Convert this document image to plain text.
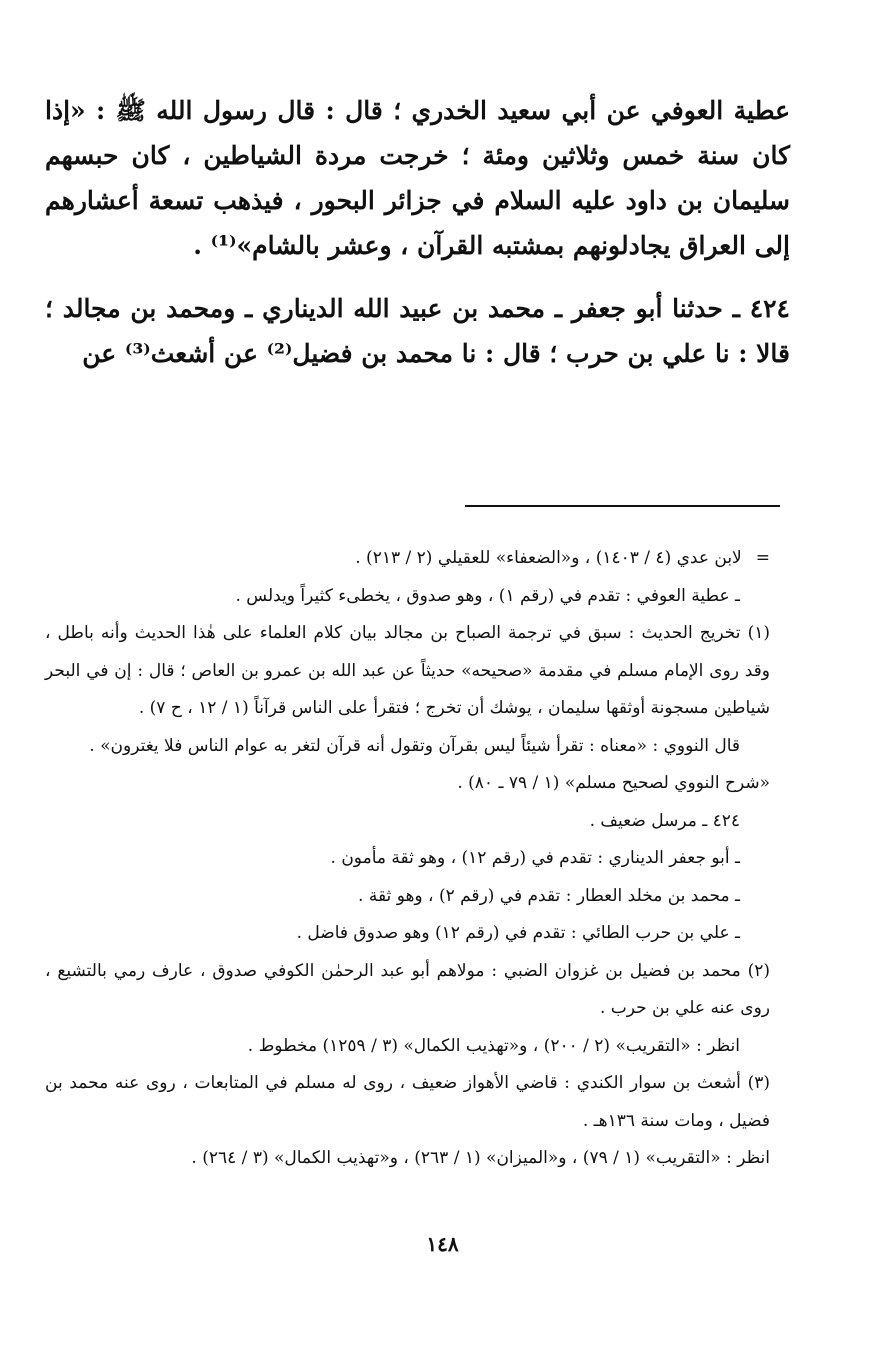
عطية العوفي عن أبي سعيد الخدري ؛ قال : قال رسول الله ﷺ : «إذا كان سنة خمس وثلاثين ومئة ؛ خرجت مردة الشياطين ، كان حبسهم سليمان بن داود عليه السلام في جزائر البحور ، فيذهب تسعة أعشارهم إلى العراق يجادلونهم بمشتبه القرآن ، وعشر بالشام»⁽¹⁾ .

٤٢٤ ـ حدثنا أبو جعفر ـ محمد بن عبيد الله الديناري ـ ومحمد بن مجالد ؛ قالا : نا علي بن حرب ؛ قال : نا محمد بن فضيل⁽²⁾ عن أشعث⁽³⁾ عن

=لابن عدي (٤ / ١٤٠٣) ، و«الضعفاء» للعقيلي (٢ / ٢١٣) .

ـ عطية العوفي : تقدم في (رقم ١) ، وهو صدوق ، يخطىء كثيراً ويدلس .

(١) تخريج الحديث : سبق في ترجمة الصباح بن مجالد بيان كلام العلماء على هٰذا الحديث وأنه باطل ، وقد روى الإمام مسلم في مقدمة «صحيحه» حديثاً عن عبد الله بن عمرو بن العاص ؛ قال : إن في البحر شياطين مسجونة أوثقها سليمان ، يوشك أن تخرج ؛ فتقرأ على الناس قرآناً (١ / ١٢ ، ح ٧) .

قال النووي : «معناه : تقرأ شيئاً ليس بقرآن وتقول أنه قرآن لتغر به عوام الناس فلا يغترون» .

«شرح النووي لصحيح مسلم» (١ / ٧٩ ـ ٨٠) .

٤٢٤ ـ مرسل ضعيف .

ـ أبو جعفر الديناري : تقدم في (رقم ١٢) ، وهو ثقة مأمون .

ـ محمد بن مخلد العطار : تقدم في (رقم ٢) ، وهو ثقة .

ـ علي بن حرب الطائي : تقدم في (رقم ١٢) وهو صدوق فاضل .

(٢) محمد بن فضيل بن غزوان الضبي : مولاهم أبو عبد الرحمٰن الكوفي صدوق ، عارف رمي بالتشيع ، روى عنه علي بن حرب .

انظر : «التقريب» (٢ / ٢٠٠) ، و«تهذيب الكمال» (٣ / ١٢٥٩) مخطوط .

(٣) أشعث بن سوار الكندي : قاضي الأهواز ضعيف ، روى له مسلم في المتابعات ، روى عنه محمد بن فضيل ، ومات سنة ١٣٦هـ .

انظر : «التقريب» (١ / ٧٩) ، و«الميزان» (١ / ٢٦٣) ، و«تهذيب الكمال» (٣ / ٢٦٤) .

١٤٨
